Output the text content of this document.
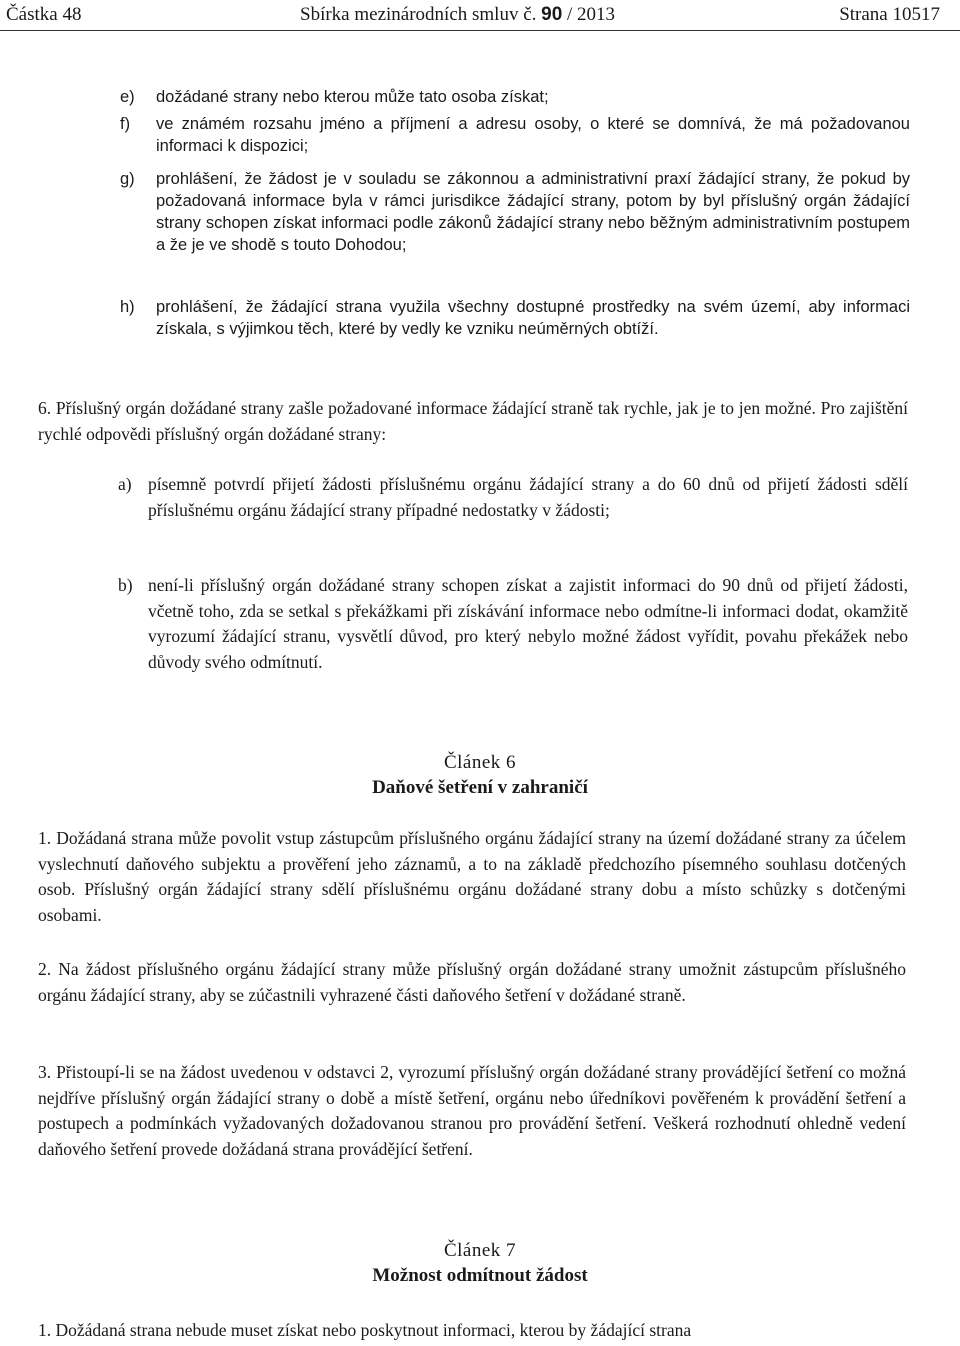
Částka 48	Sbírka mezinárodních smluv č. 90 / 2013	Strana 10517
e) dožádané strany nebo kterou může tato osoba získat;
f) ve známém rozsahu jméno a příjmení a adresu osoby, o které se domnívá, že má požadovanou informaci k dispozici;
g) prohlášení, že žádost je v souladu se zákonnou a administrativní praxí žádající strany, že pokud by požadovaná informace byla v rámci jurisdikce žádající strany, potom by byl příslušný orgán žádající strany schopen získat informaci podle zákonů žádající strany nebo běžným administrativním postupem a že je ve shodě s touto Dohodou;
h) prohlášení, že žádající strana využila všechny dostupné prostředky na svém území, aby informaci získala, s výjimkou těch, které by vedly ke vzniku neúměrných obtíží.
6. Příslušný orgán dožádané strany zašle požadované informace žádající straně tak rychle, jak je to jen možné. Pro zajištění rychlé odpovědi příslušný orgán dožádané strany:
a) písemně potvrdí přijetí žádosti příslušnému orgánu žádající strany a do 60 dnů od přijetí žádosti sdělí příslušnému orgánu žádající strany případné nedostatky v žádosti;
b) není-li příslušný orgán dožádané strany schopen získat a zajistit informaci do 90 dnů od přijetí žádosti, včetně toho, zda se setkal s překážkami při získávání informace nebo odmítne-li informaci dodat, okamžitě vyrozumí žádající stranu, vysvětlí důvod, pro který nebylo možné žádost vyřídit, povahu překážek nebo důvody svého odmítnutí.
Článek 6
Daňové šetření v zahraničí
1. Dožádaná strana může povolit vstup zástupcům příslušného orgánu žádající strany na území dožádané strany za účelem vyslechnutí daňového subjektu a prověření jeho záznamů, a to na základě předchozího písemného souhlasu dotčených osob. Příslušný orgán žádající strany sdělí příslušnému orgánu dožádané strany dobu a místo schůzky s dotčenými osobami.
2. Na žádost příslušného orgánu žádající strany může příslušný orgán dožádané strany umožnit zástupcům příslušného orgánu žádající strany, aby se zúčastnili vyhrazené části daňového šetření v dožádané straně.
3. Přistoupí-li se na žádost uvedenou v odstavci 2, vyrozumí příslušný orgán dožádané strany provádějící šetření co možná nejdříve příslušný orgán žádající strany o době a místě šetření, orgánu nebo úředníkovi pověřeném k provádění šetření a postupech a podmínkách vyžadovaných dožadovanou stranou pro provádění šetření. Veškerá rozhodnutí ohledně vedení daňového šetření provede dožádaná strana provádějící šetření.
Článek 7
Možnost odmítnout žádost
1. Dožádaná strana nebude muset získat nebo poskytnout informaci, kterou by žádající strana
